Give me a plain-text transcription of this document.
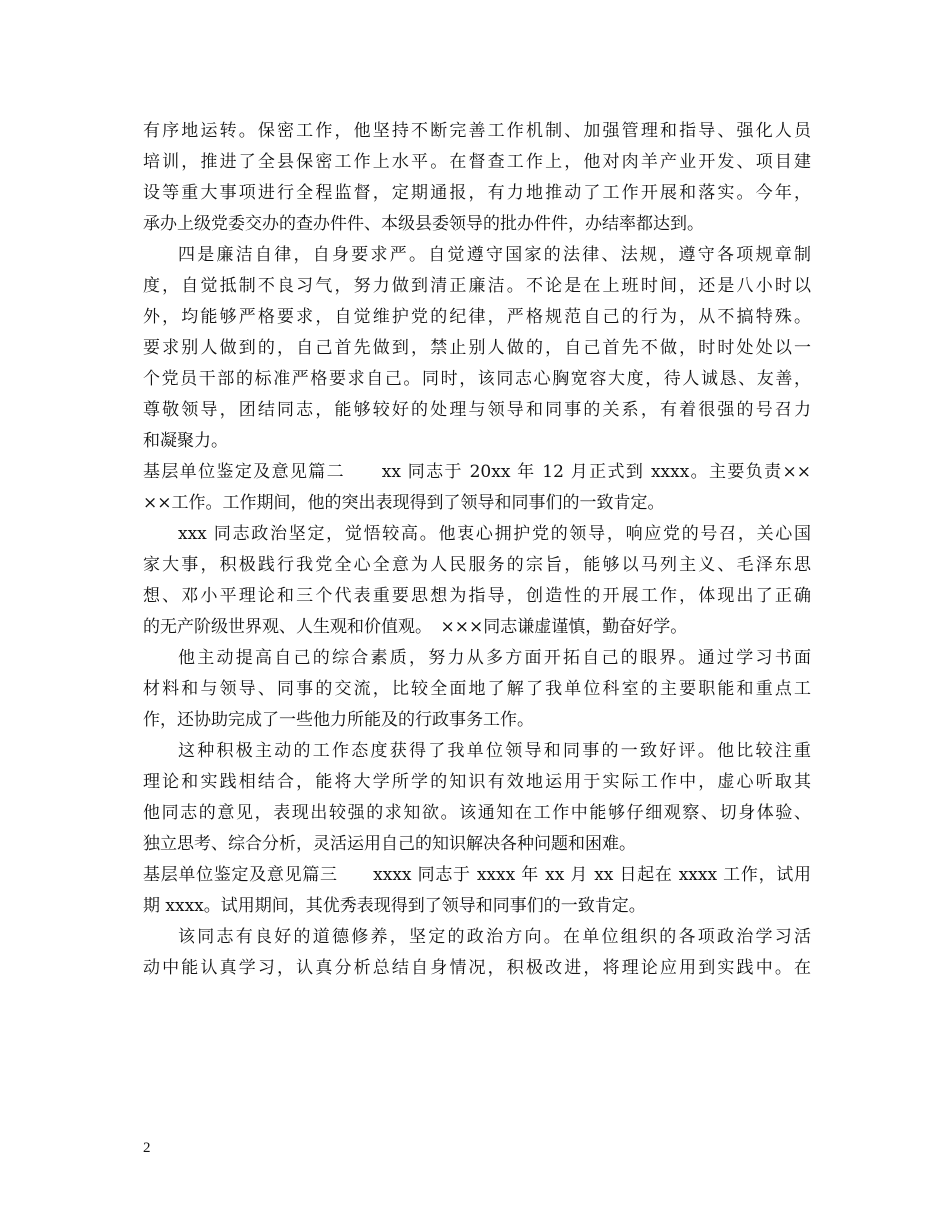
有序地运转。保密工作，他坚持不断完善工作机制、加强管理和指导、强化人员
培训，推进了全县保密工作上水平。在督查工作上，他对肉羊产业开发、项目建
设等重大事项进行全程监督，定期通报，有力地推动了工作开展和落实。今年，
承办上级党委交办的查办件件、本级县委领导的批办件件，办结率都达到。
四是廉洁自律，自身要求严。自觉遵守国家的法律、法规，遵守各项规章制
度，自觉抵制不良习气，努力做到清正廉洁。不论是在上班时间，还是八小时以
外，均能够严格要求，自觉维护党的纪律，严格规范自己的行为，从不搞特殊。
要求别人做到的，自己首先做到，禁止别人做的，自己首先不做，时时处处以一
个党员干部的标准严格要求自己。同时，该同志心胸宽容大度，待人诚恳、友善，
尊敬领导，团结同志，能够较好的处理与领导和同事的关系，有着很强的号召力
和凝聚力。
基层单位鉴定及意见篇二　　xx 同志于 20xx 年 12 月正式到 xxxx。主要负责××
××工作。工作期间，他的突出表现得到了领导和同事们的一致肯定。
xxx 同志政治坚定，觉悟较高。他衷心拥护党的领导，响应党的号召，关心国
家大事，积极践行我党全心全意为人民服务的宗旨，能够以马列主义、毛泽东思
想、邓小平理论和三个代表重要思想为指导，创造性的开展工作，体现出了正确
的无产阶级世界观、人生观和价值观。　×××同志谦虚谨慎，勤奋好学。
他主动提高自己的综合素质，努力从多方面开拓自己的眼界。通过学习书面
材料和与领导、同事的交流，比较全面地了解了我单位科室的主要职能和重点工
作，还协助完成了一些他力所能及的行政事务工作。
这种积极主动的工作态度获得了我单位领导和同事的一致好评。他比较注重
理论和实践相结合，能将大学所学的知识有效地运用于实际工作中，虚心听取其
他同志的意见，表现出较强的求知欲。该通知在工作中能够仔细观察、切身体验、
独立思考、综合分析，灵活运用自己的知识解决各种问题和困难。
基层单位鉴定及意见篇三　　xxxx 同志于 xxxx 年 xx 月 xx 日起在 xxxx 工作，试用
期 xxxx。试用期间，其优秀表现得到了领导和同事们的一致肯定。
该同志有良好的道德修养，坚定的政治方向。在单位组织的各项政治学习活
动中能认真学习，认真分析总结自身情况，积极改进，将理论应用到实践中。在
2
